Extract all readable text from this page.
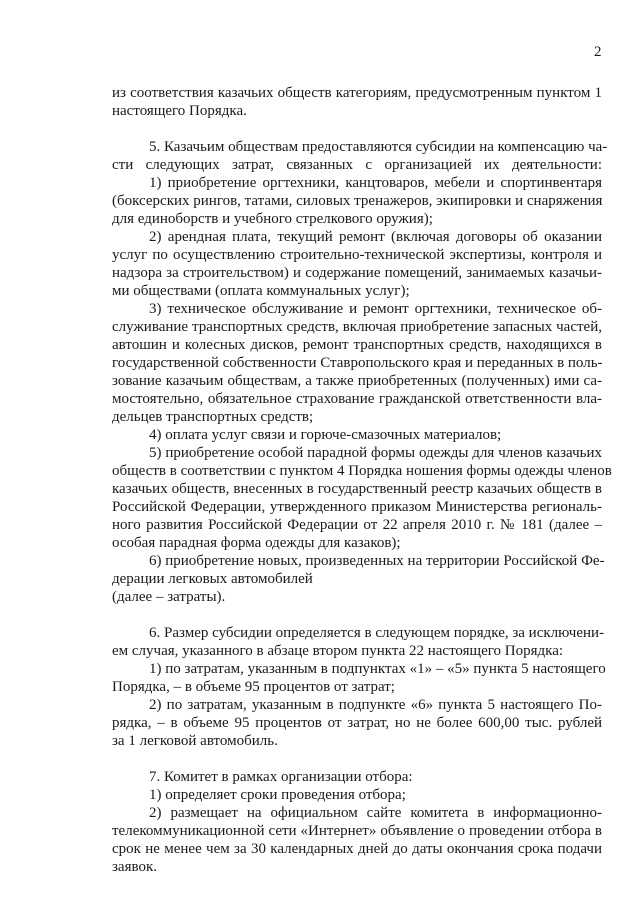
2
из соответствия казачьих обществ категориям, предусмотренным пунктом 1
настоящего Порядка.
5. Казачьим обществам предоставляются субсидии на компенсацию ча-
сти следующих затрат, связанных с организацией их деятельности:
1) приобретение оргтехники, канцтоваров, мебели и спортинвентаря
(боксерских рингов, татами, силовых тренажеров, экипировки и снаряжения
для единоборств и учебного стрелкового оружия);
2) арендная плата, текущий ремонт (включая договоры об оказании
услуг по осуществлению строительно-технической экспертизы, контроля и
надзора за строительством) и содержание помещений, занимаемых казачьи-
ми обществами (оплата коммунальных услуг);
3) техническое обслуживание и ремонт оргтехники, техническое об-
служивание транспортных средств, включая приобретение запасных частей,
автошин и колесных дисков, ремонт транспортных средств, находящихся в
государственной собственности Ставропольского края и переданных в поль-
зование казачьим обществам, а также приобретенных (полученных) ими са-
мостоятельно, обязательное страхование гражданской ответственности вла-
дельцев транспортных средств;
4) оплата услуг связи и горюче-смазочных материалов;
5) приобретение особой парадной формы одежды для членов казачьих
обществ в соответствии с пунктом 4 Порядка ношения формы одежды членов
казачьих обществ, внесенных в государственный реестр казачьих обществ в
Российской Федерации, утвержденного приказом Министерства региональ-
ного развития Российской Федерации от 22 апреля 2010 г. № 181 (далее –
особая парадная форма одежды для казаков);
6) приобретение новых, произведенных на территории Российской Фе-
дерации легковых автомобилей
(далее – затраты).
6. Размер субсидии определяется в следующем порядке, за исключени-
ем случая, указанного в абзаце втором пункта 22 настоящего Порядка:
1) по затратам, указанным в подпунктах «1» – «5» пункта 5 настоящего
Порядка, – в объеме 95 процентов от затрат;
2) по затратам, указанным в подпункте «6» пункта 5 настоящего По-
рядка, – в объеме 95 процентов от затрат, но не более 600,00 тыс. рублей
за 1 легковой автомобиль.
7. Комитет в рамках организации отбора:
1) определяет сроки проведения отбора;
2) размещает на официальном сайте комитета в информационно-
телекоммуникационной сети «Интернет» объявление о проведении отбора в
срок не менее чем за 30 календарных дней до даты окончания срока подачи
заявок.
